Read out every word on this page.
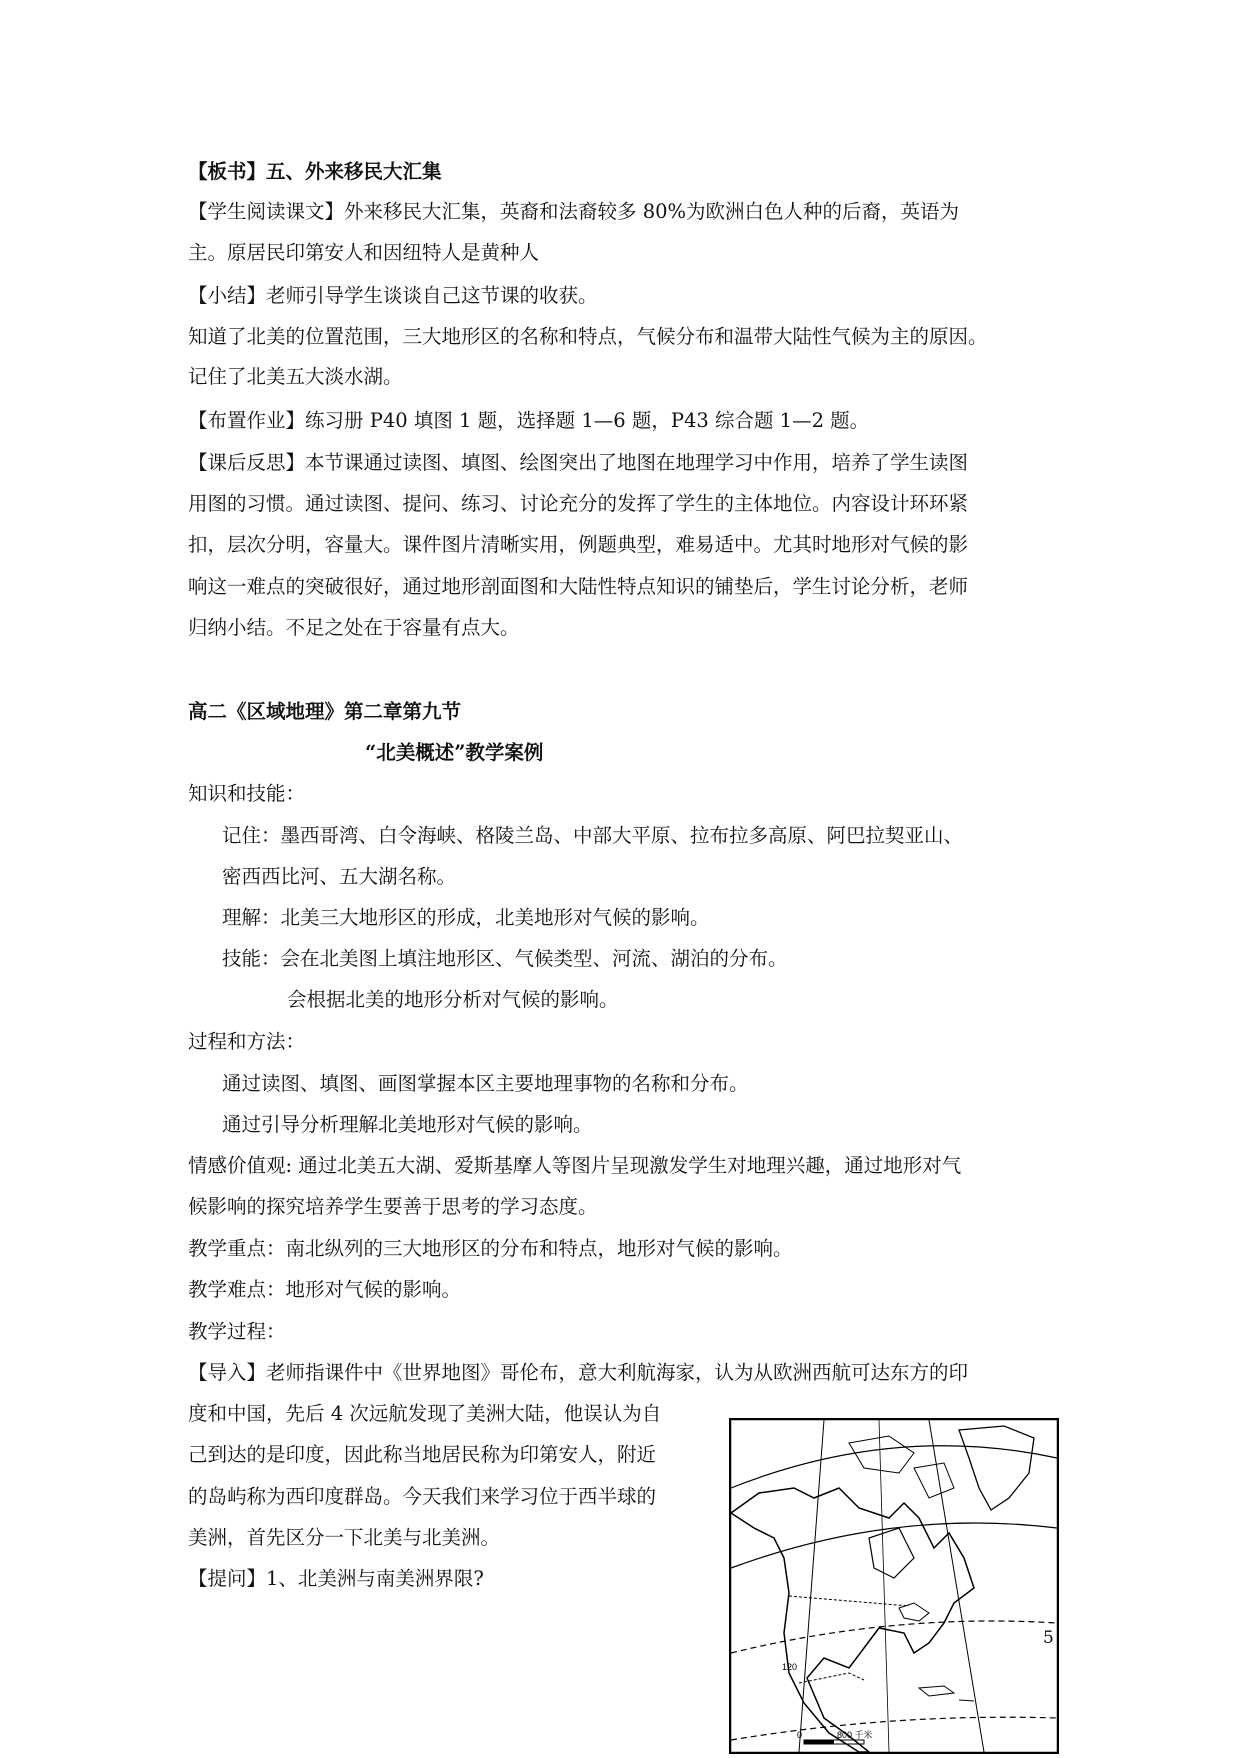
【板书】五、外来移民大汇集
【学生阅读课文】外来移民大汇集，英裔和法裔较多 80%为欧洲白色人种的后裔，英语为
主。原居民印第安人和因纽特人是黄种人
【小结】老师引导学生谈谈自己这节课的收获。
知道了北美的位置范围，三大地形区的名称和特点，气候分布和温带大陆性气候为主的原因。
记住了北美五大淡水湖。
【布置作业】练习册 P40 填图 1 题，选择题 1—6 题，P43 综合题 1—2 题。
【课后反思】本节课通过读图、填图、绘图突出了地图在地理学习中作用，培养了学生读图
用图的习惯。通过读图、提问、练习、讨论充分的发挥了学生的主体地位。内容设计环环紧
扣，层次分明，容量大。课件图片清晰实用，例题典型，难易适中。尤其时地形对气候的影
响这一难点的突破很好，通过地形剖面图和大陆性特点知识的铺垫后，学生讨论分析，老师
归纳小结。不足之处在于容量有点大。
高二《区域地理》第二章第九节
“北美概述”教学案例
知识和技能：
记住：墨西哥湾、白令海峡、格陵兰岛、中部大平原、拉布拉多高原、阿巴拉契亚山、
密西西比河、五大湖名称。
理解：北美三大地形区的形成，北美地形对气候的影响。
技能：会在北美图上填注地形区、气候类型、河流、湖泊的分布。
会根据北美的地形分析对气候的影响。
过程和方法：
通过读图、填图、画图掌握本区主要地理事物的名称和分布。
通过引导分析理解北美地形对气候的影响。
情感价值观: 通过北美五大湖、爱斯基摩人等图片呈现激发学生对地理兴趣，通过地形对气
候影响的探究培养学生要善于思考的学习态度。
教学重点：南北纵列的三大地形区的分布和特点，地形对气候的影响。
教学难点：地形对气候的影响。
教学过程：
【导入】老师指课件中《世界地图》哥伦布，意大利航海家，认为从欧洲西航可达东方的印
度和中国，先后 4 次远航发现了美洲大陆，他误认为自
己到达的是印度，因此称当地居民称为印第安人，附近
的岛屿称为西印度群岛。今天我们来学习位于西半球的
美洲，首先区分一下北美与北美洲。
【提问】1、北美洲与南美洲界限?
120
0	800 千米
5
